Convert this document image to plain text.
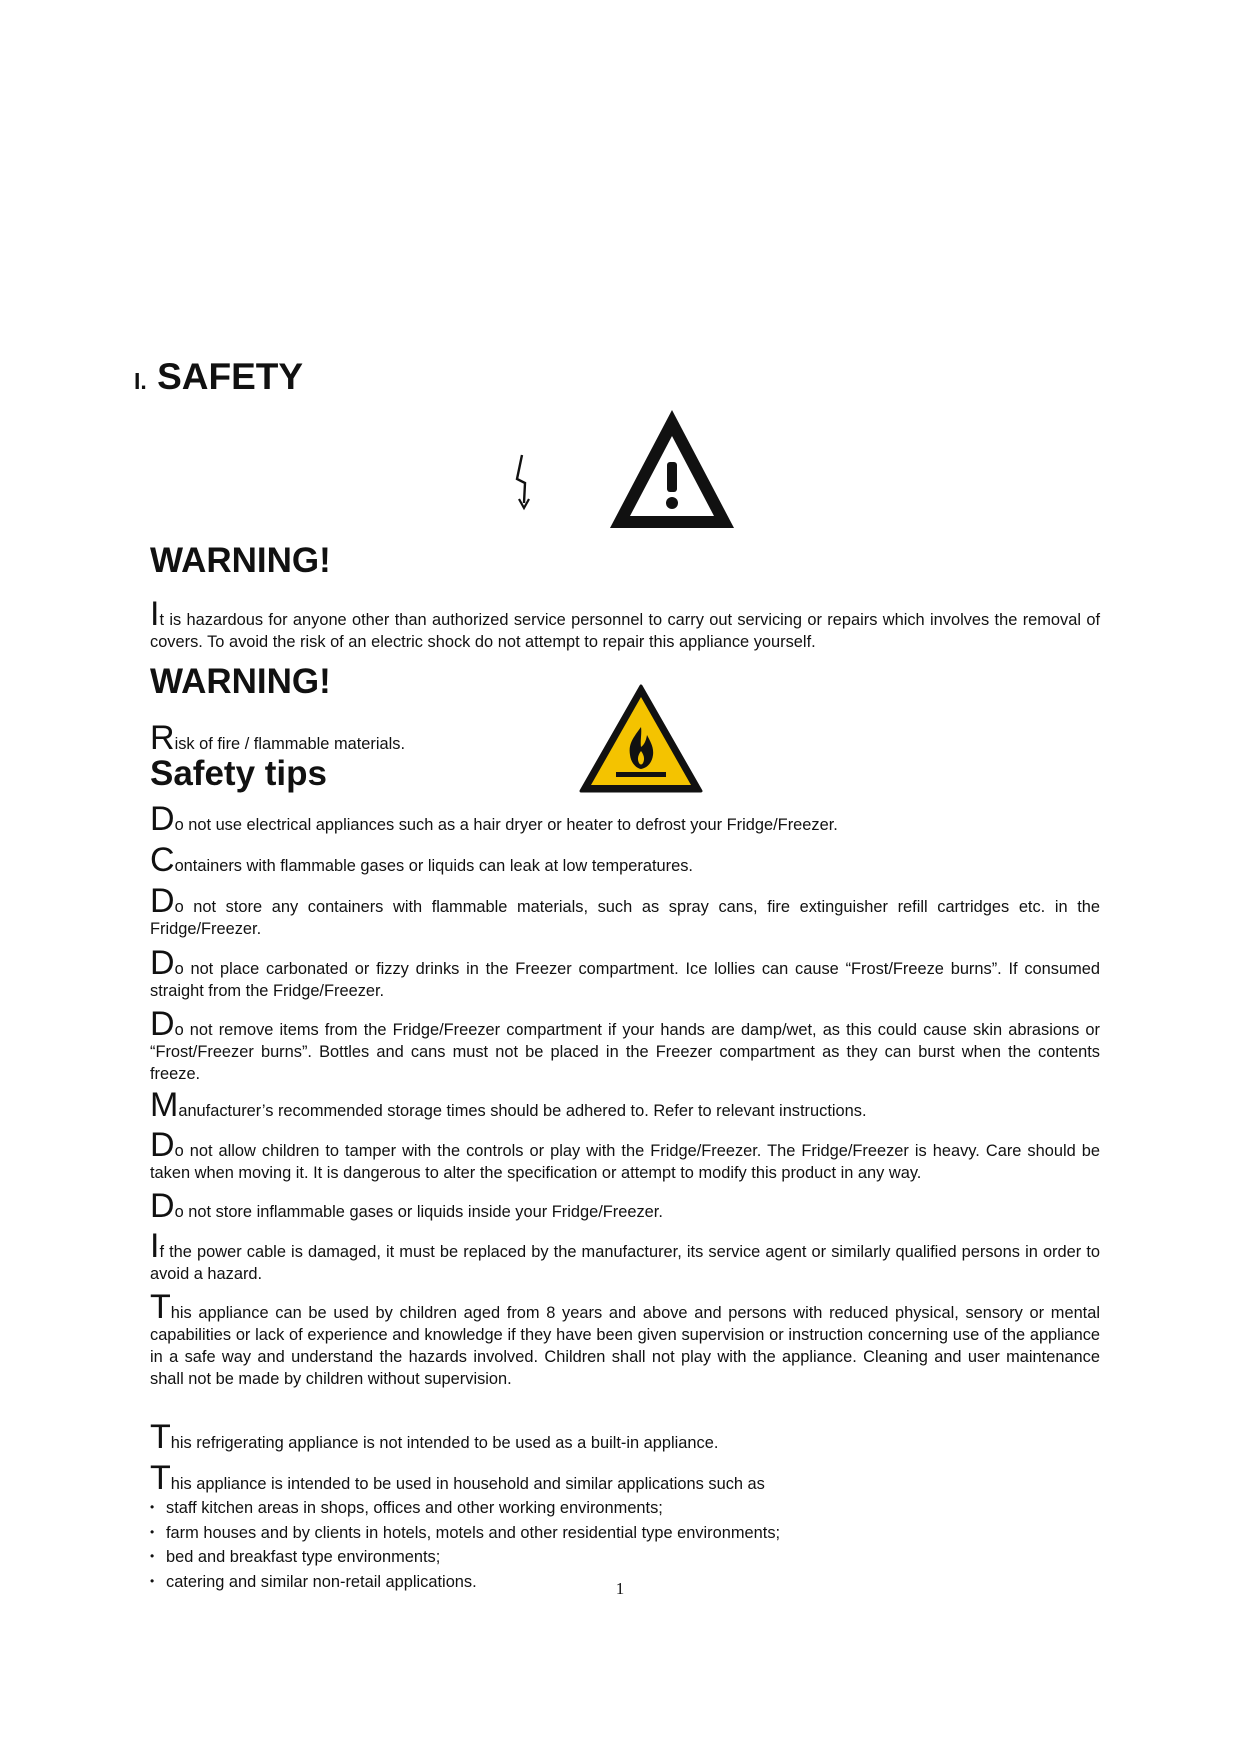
I. SAFETY
WARNING!
It is hazardous for anyone other than authorized service personnel to carry out servicing or repairs which involves the removal of covers. To avoid the risk of an electric shock do not attempt to repair this appliance yourself.
WARNING!
Risk of fire / flammable materials.
Safety tips
Do not use electrical appliances such as a hair dryer or heater to defrost your Fridge/Freezer.
Containers with flammable gases or liquids can leak at low temperatures.
Do not store any containers with flammable materials, such as spray cans, fire extinguisher refill cartridges etc. in the Fridge/Freezer.
Do not place carbonated or fizzy drinks in the Freezer compartment. Ice lollies can cause “Frost/Freeze burns”. If consumed straight from the Fridge/Freezer.
Do not remove items from the Fridge/Freezer compartment if your hands are damp/wet, as this could cause skin abrasions or “Frost/Freezer burns”. Bottles and cans must not be placed in the Freezer compartment as they can burst when the contents freeze.
Manufacturer’s recommended storage times should be adhered to. Refer to relevant instructions.
Do not allow children to tamper with the controls or play with the Fridge/Freezer. The Fridge/Freezer is heavy. Care should be taken when moving it. It is dangerous to alter the specification or attempt to modify this product in any way.
Do not store inflammable gases or liquids inside your Fridge/Freezer.
If the power cable is damaged, it must be replaced by the manufacturer, its service agent or similarly qualified persons in order to avoid a hazard.
This appliance can be used by children aged from 8 years and above and persons with reduced physical, sensory or mental capabilities or lack of experience and knowledge if they have been given supervision or instruction concerning use of the appliance in a safe way and understand the hazards involved. Children shall not play with the appliance. Cleaning and user maintenance shall not be made by children without supervision.
This refrigerating appliance is not intended to be used as a built-in appliance.
This appliance is intended to be used in household and similar applications such as
• staff kitchen areas in shops, offices and other working environments;
• farm houses and by clients in hotels, motels and other residential type environments;
• bed and breakfast type environments;
• catering and similar non-retail applications.	1
